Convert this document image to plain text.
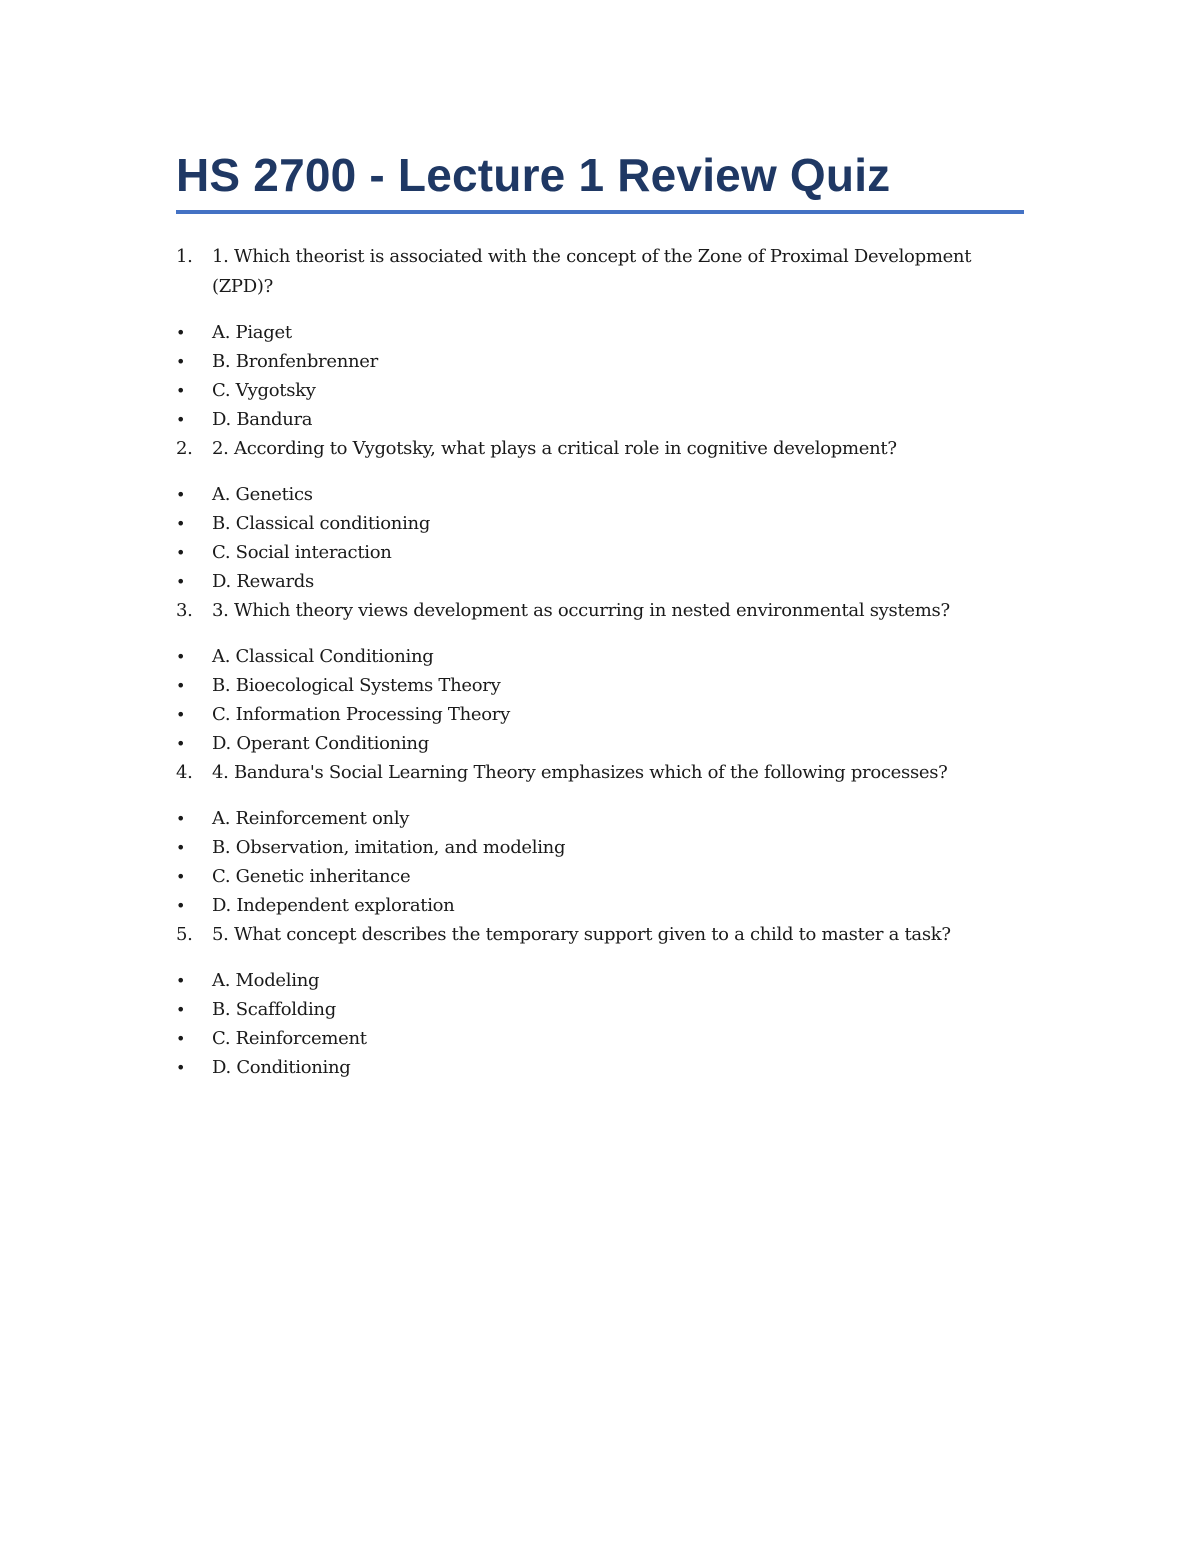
HS 2700 - Lecture 1 Review Quiz
1.	1. Which theorist is associated with the concept of the Zone of Proximal Development (ZPD)?
•	A. Piaget
•	B. Bronfenbrenner
•	C. Vygotsky
•	D. Bandura
2.	2. According to Vygotsky, what plays a critical role in cognitive development?
•	A. Genetics
•	B. Classical conditioning
•	C. Social interaction
•	D. Rewards
3.	3. Which theory views development as occurring in nested environmental systems?
•	A. Classical Conditioning
•	B. Bioecological Systems Theory
•	C. Information Processing Theory
•	D. Operant Conditioning
4.	4. Bandura's Social Learning Theory emphasizes which of the following processes?
•	A. Reinforcement only
•	B. Observation, imitation, and modeling
•	C. Genetic inheritance
•	D. Independent exploration
5.	5. What concept describes the temporary support given to a child to master a task?
•	A. Modeling
•	B. Scaffolding
•	C. Reinforcement
•	D. Conditioning
